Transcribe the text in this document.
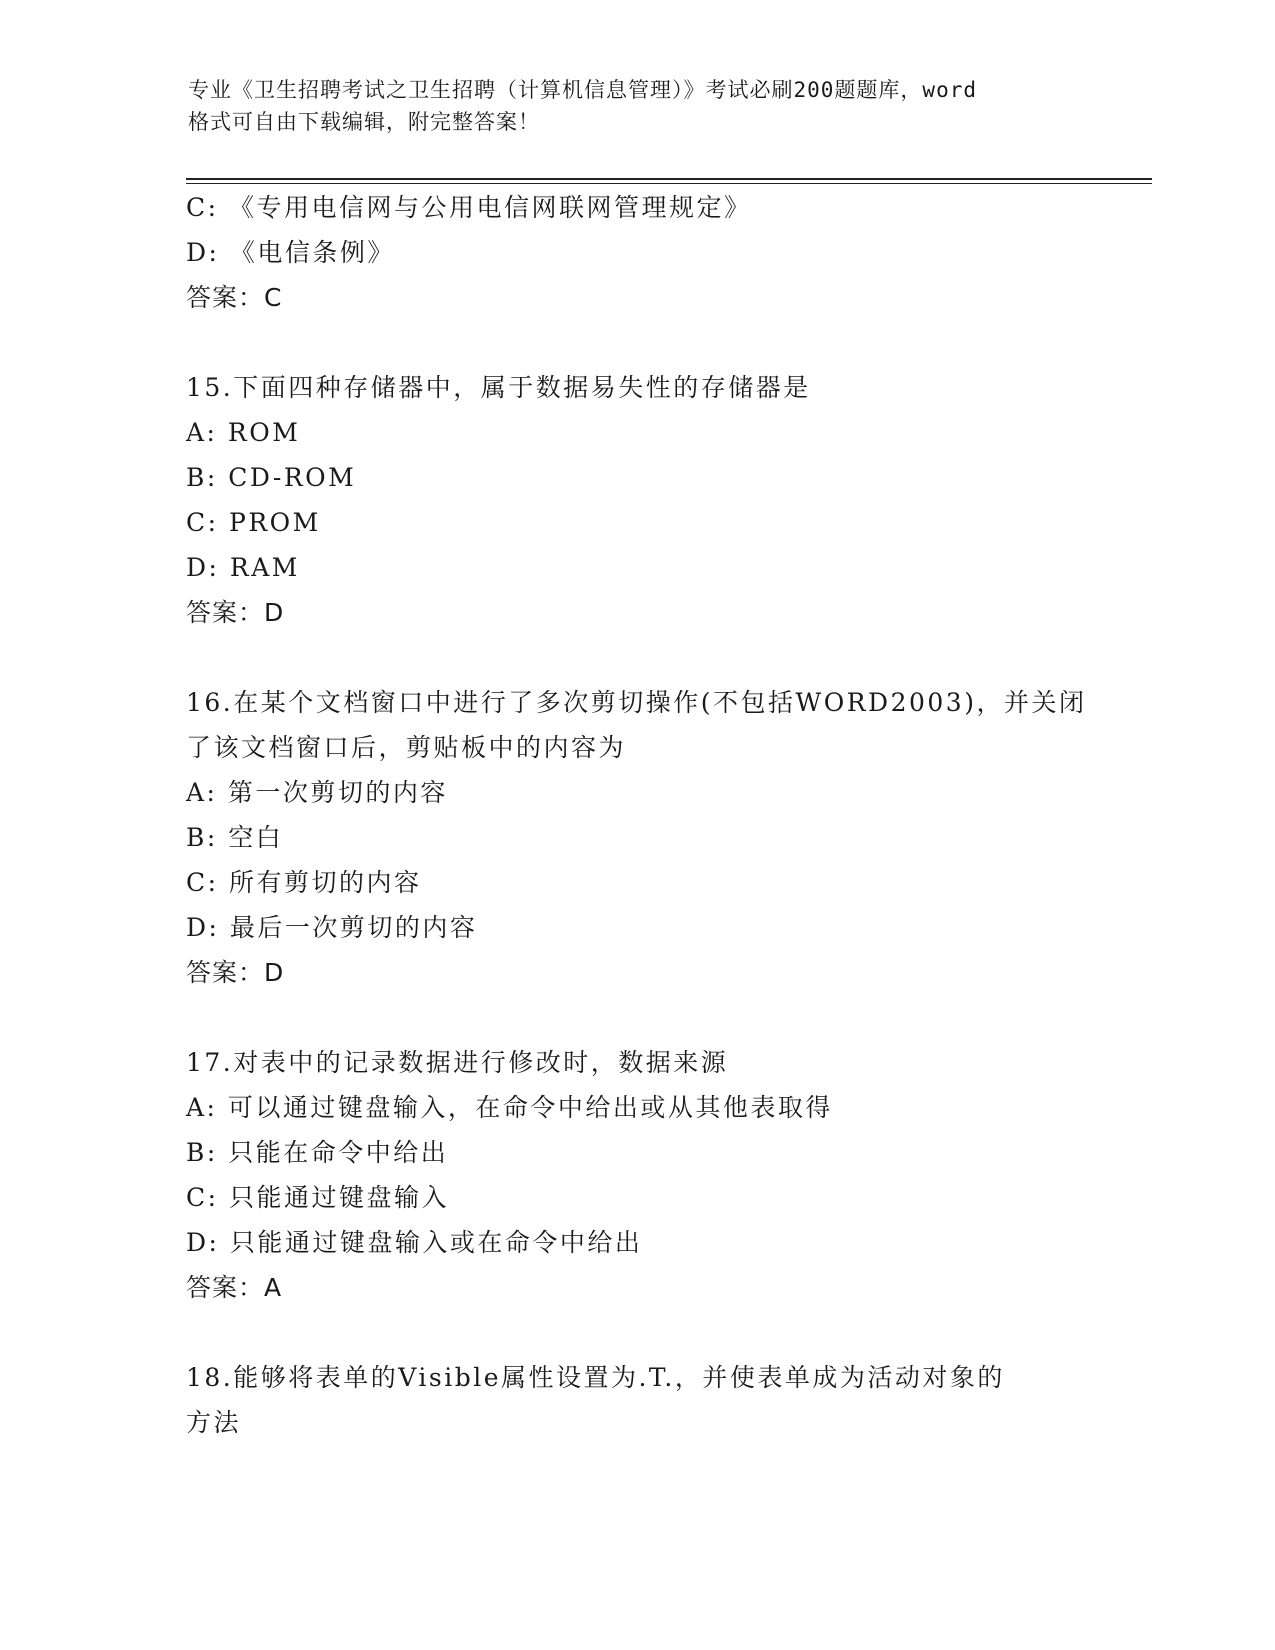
专业《卫生招聘考试之卫生招聘（计算机信息管理）》考试必刷200题题库，word
格式可自由下载编辑，附完整答案！
C: 《专用电信网与公用电信网联网管理规定》
D: 《电信条例》
答案：C
15.下面四种存储器中，属于数据易失性的存储器是
A: ROM
B: CD-ROM
C: PROM
D: RAM
答案：D
16.在某个文档窗口中进行了多次剪切操作(不包括WORD2003)，并关闭
了该文档窗口后，剪贴板中的内容为
A: 第一次剪切的内容
B: 空白
C: 所有剪切的内容
D: 最后一次剪切的内容
答案：D
17.对表中的记录数据进行修改时，数据来源
A: 可以通过键盘输入，在命令中给出或从其他表取得
B: 只能在命令中给出
C: 只能通过键盘输入
D: 只能通过键盘输入或在命令中给出
答案：A
18.能够将表单的Visible属性设置为.T.，并使表单成为活动对象的
方法
